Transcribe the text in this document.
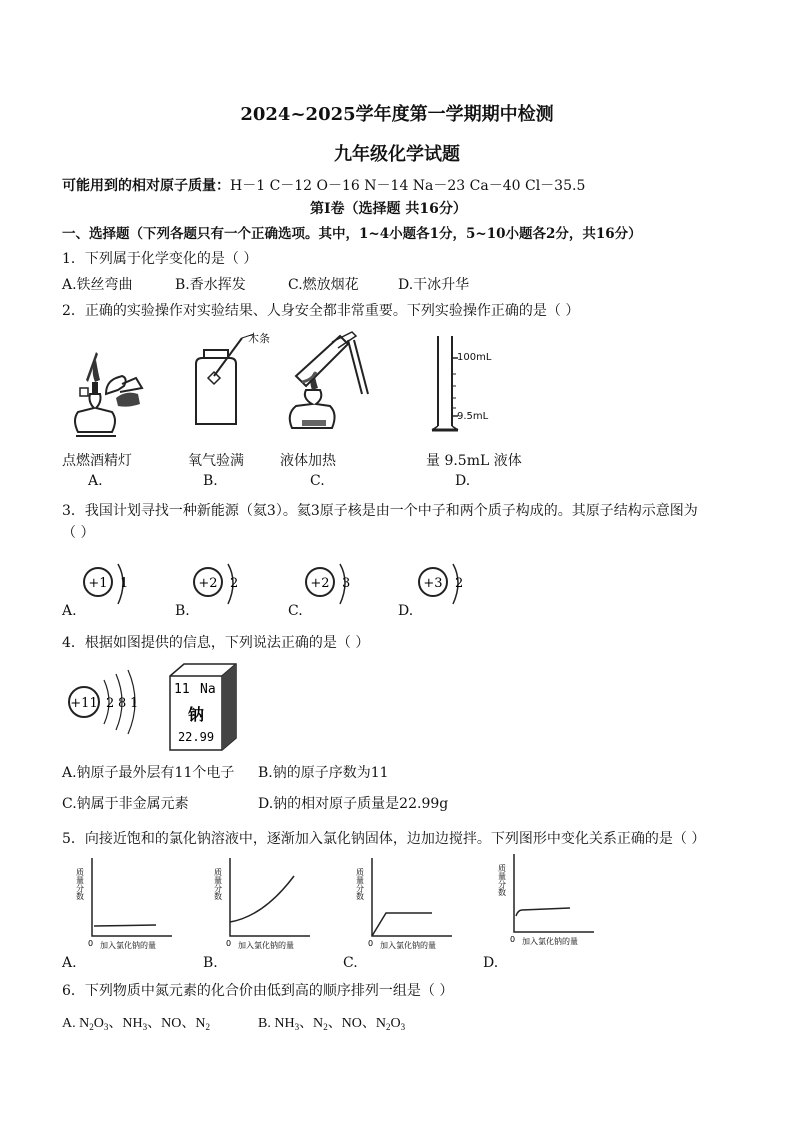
2024~2025学年度第一学期期中检测
九年级化学试题
可能用到的相对原子质量：H－1 C－12 O－16 N－14 Na－23 Ca－40 Cl－35.5
第Ⅰ卷（选择题 共16分）
一、选择题（下列各题只有一个正确选项。其中，1~4小题各1分，5~10小题各2分，共16分）
1．下列属于化学变化的是（ ）
A.铁丝弯曲	B.香水挥发	C.燃放烟花	D.干冰升华
2．正确的实验操作对实验结果、人身安全都非常重要。下列实验操作正确的是（ ）
木条
100mL
9.5mL
点燃酒精灯	氧气验满	液体加热	量 9.5mL 液体
A.	B.	C.	D.
3．我国计划寻找一种新能源（氦3）。氦3原子核是由一个中子和两个质子构成的。其原子结构示意图为
（ ）
+1 1	+2 2	+2 3	+3 2
A.	B.	C.	D.
4．根据如图提供的信息，下列说法正确的是（ ）
+11 2 8 1
11 Na
钠
22.99
A.钠原子最外层有11个电子 B.钠的原子序数为11
C.钠属于非金属元素	D.钠的相对原子质量是22.99g
5．向接近饱和的氯化钠溶液中，逐渐加入氯化钠固体，边加边搅拌。下列图形中变化关系正确的是（ ）
质量分数
0 加入氯化钠的量
质量分数
0 加入氯化钠的量
质量分数
0 加入氯化钠的量
质量分数
0 加入氯化钠的量
A.	B.	C.	D.
6．下列物质中氮元素的化合价由低到高的顺序排列一组是（ ）
A. $N_2O_3$、$NH_3$、NO、$N_2$	B. $NH_3$、$N_2$、NO、$N_2O_3$
